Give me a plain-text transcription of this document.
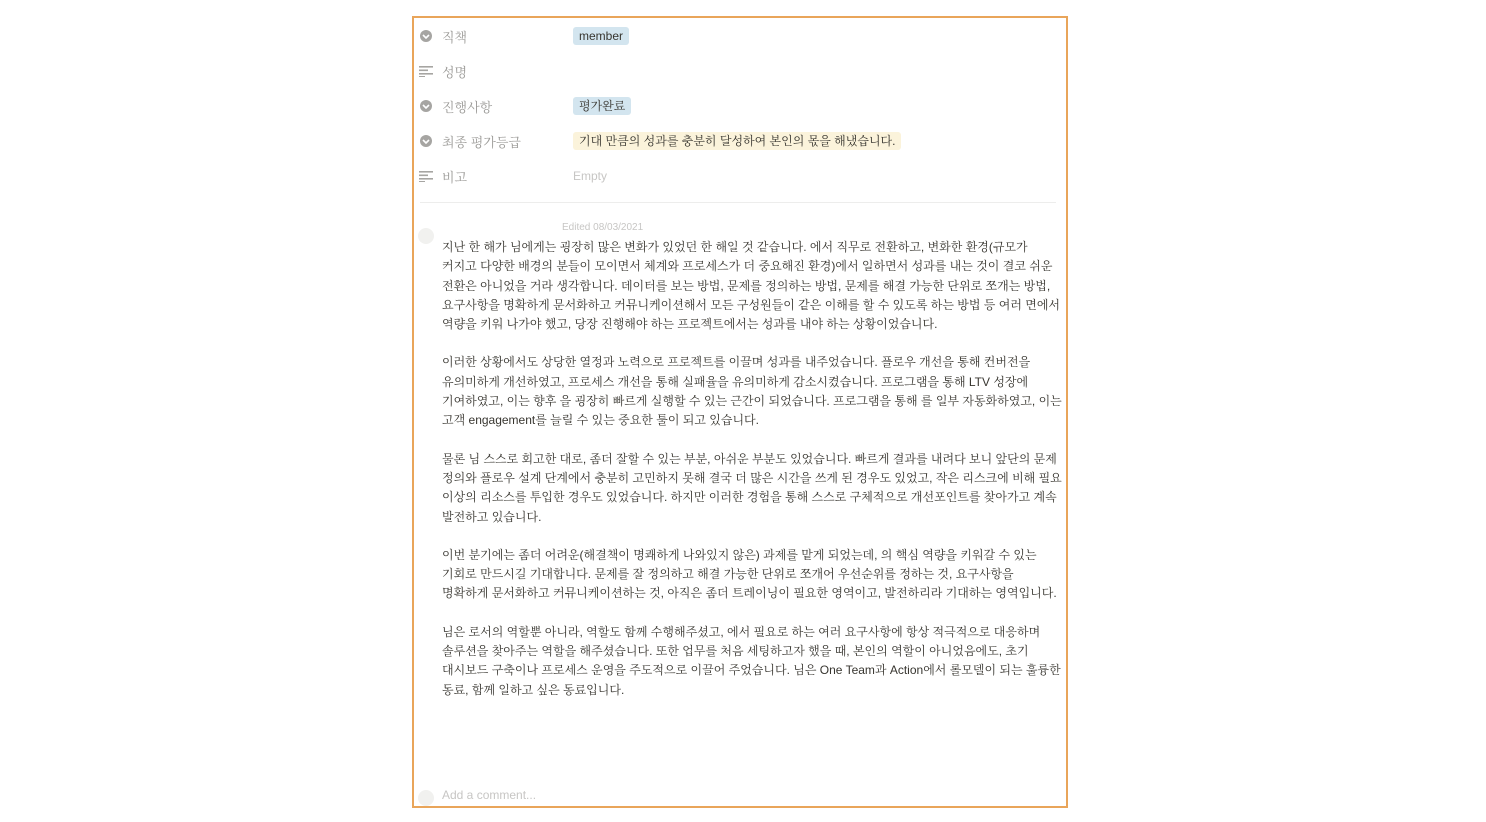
직책	member
성명
진행사항	평가완료
최종 평가등급	기대 만큼의 성과를 충분히 달성하여 본인의 몫을 해냈습니다.
비고	Empty
Edited 08/03/2021

지난 한 해가 님에게는 굉장히 많은 변화가 있었던 한 해일 것 같습니다. 에서 직무로 전환하고, 변화한 환경(규모가 커지고 다양한 배경의 분들이 모이면서 체계와 프로세스가 더 중요해진 환경)에서 일하면서 성과를 내는 것이 결코 쉬운 전환은 아니었을 거라 생각합니다. 데이터를 보는 방법, 문제를 정의하는 방법, 문제를 해결 가능한 단위로 쪼개는 방법, 요구사항을 명확하게 문서화하고 커뮤니케이션해서 모든 구성원들이 같은 이해를 할 수 있도록 하는 방법 등 여러 면에서 역량을 키워 나가야 했고, 당장 진행해야 하는 프로젝트에서는 성과를 내야 하는 상황이었습니다.

이러한 상황에서도 상당한 열정과 노력으로 프로젝트를 이끌며 성과를 내주었습니다. 플로우 개선을 통해 컨버전을 유의미하게 개선하였고, 프로세스 개선을 통해 실패율을 유의미하게 감소시켰습니다. 프로그램을 통해 LTV 성장에 기여하였고, 이는 향후 을 굉장히 빠르게 실행할 수 있는 근간이 되었습니다. 프로그램을 통해 를 일부 자동화하였고, 이는 고객 engagement를 늘릴 수 있는 중요한 툴이 되고 있습니다.

물론 님 스스로 회고한 대로, 좀더 잘할 수 있는 부분, 아쉬운 부분도 있었습니다. 빠르게 결과를 내려다 보니 앞단의 문제 정의와 플로우 설계 단계에서 충분히 고민하지 못해 결국 더 많은 시간을 쓰게 된 경우도 있었고, 작은 리스크에 비해 필요 이상의 리소스를 투입한 경우도 있었습니다. 하지만 이러한 경험을 통해 스스로 구체적으로 개선포인트를 찾아가고 계속 발전하고 있습니다.

이번 분기에는 좀더 어려운(해결책이 명쾌하게 나와있지 않은) 과제를 맡게 되었는데, 의 핵심 역량을 키워갈 수 있는 기회로 만드시길 기대합니다. 문제를 잘 정의하고 해결 가능한 단위로 쪼개어 우선순위를 정하는 것, 요구사항을 명확하게 문서화하고 커뮤니케이션하는 것, 아직은 좀더 트레이닝이 필요한 영역이고, 발전하리라 기대하는 영역입니다.

님은 로서의 역할뿐 아니라, 역할도 함께 수행해주셨고, 에서 필요로 하는 여러 요구사항에 항상 적극적으로 대응하며 솔루션을 찾아주는 역할을 해주셨습니다. 또한 업무를 처음 세팅하고자 했을 때, 본인의 역할이 아니었음에도, 초기 대시보드 구축이나 프로세스 운영을 주도적으로 이끌어 주었습니다. 님은 One Team과 Action에서 롤모델이 되는 훌륭한 동료, 함께 일하고 싶은 동료입니다.

Add a comment...
